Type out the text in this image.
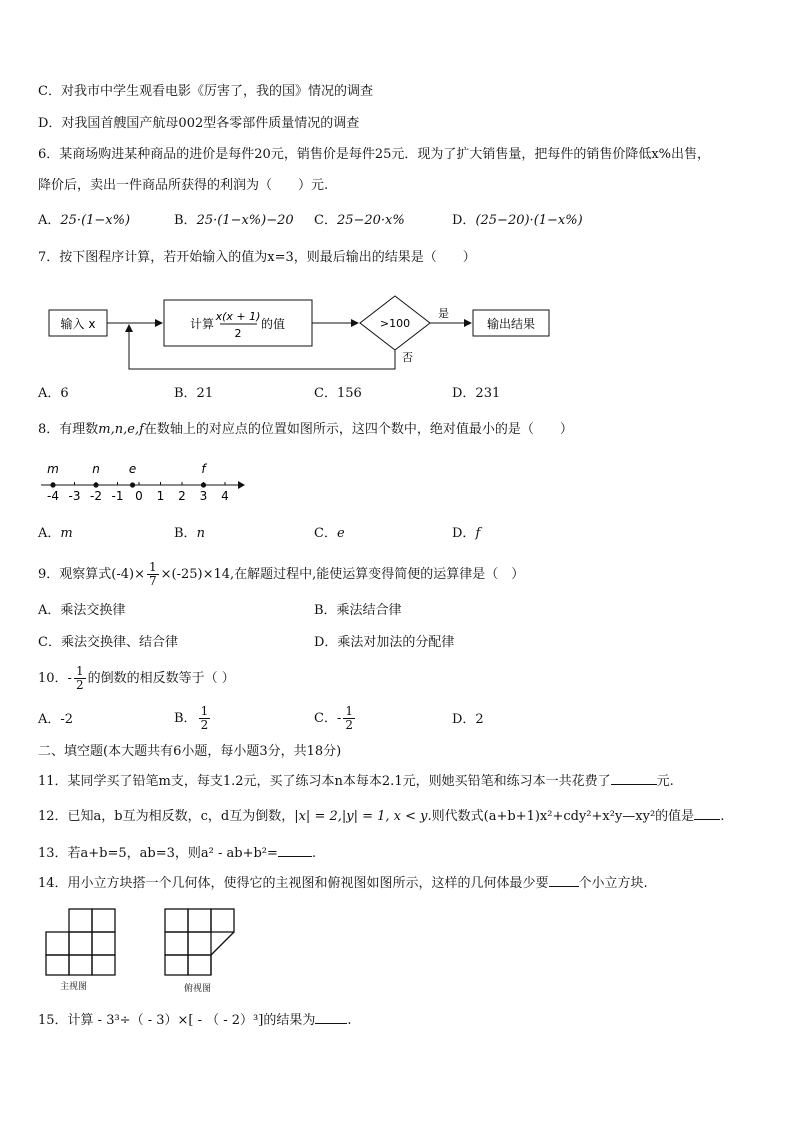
C．对我市中学生观看电影《厉害了，我的国》情况的调查
D．对我国首艘国产航母002型各零部件质量情况的调查
6．某商场购进某种商品的进价是每件20元，销售价是每件25元．现为了扩大销售量，把每件的销售价降低x%出售，
降价后，卖出一件商品所获得的利润为（　　）元.
A．25·(1−x%)	B．25·(1−x%)−20 C．25−20·x%	D．(25−20)·(1−x%)
7．按下图程序计算，若开始输入的值为x=3，则最后输出的结果是（　　）
输入 x	计算
x(x + 1)
2
的值	>100
是
输出结果
否
A．6	B．21	C．156	D．231
8．有理数m,n,e,f在数轴上的对应点的位置如图所示，这四个数中，绝对值最小的是（　　）
-4 -3 -2 -1 0 1 2 3 4
m	n e	f
A．m	B．n	C．e	D．f
9．观察算式$(-4)\times \frac{1}{7} \times(-25)\times 14$,在解题过程中,能使运算变得简便的运算律是（　）
A．乘法交换律	B．乘法结合律
C．乘法交换律、结合律	D．乘法对加法的分配律
10．- $\frac{1}{2}$ 的倒数的相反数等于（ ）
A．-2	B． $\frac{1}{2}$	C．- $\frac{1}{2}$	D．2
二、填空题(本大题共有6小题，每小题3分，共18分)
11．某同学买了铅笔m支，每支1.2元，买了练习本n本每本2.1元，则她买铅笔和练习本一共花费了	元.
12．已知a，b互为相反数，c，d互为倒数，|x| = 2,|y| = 1, x < y.则代数式(a+b+1)x²+cdy²+x²y—xy²的值是 .
13．若a+b=5，ab=3，则a² - ab+b²=	.
14．用小立方块搭一个几何体，使得它的主视图和俯视图如图所示，这样的几何体最少要 个小立方块.
主视图	俯视图
15．计算 - 3³÷（ - 3）×[ - （ - 2）³]的结果为 .
